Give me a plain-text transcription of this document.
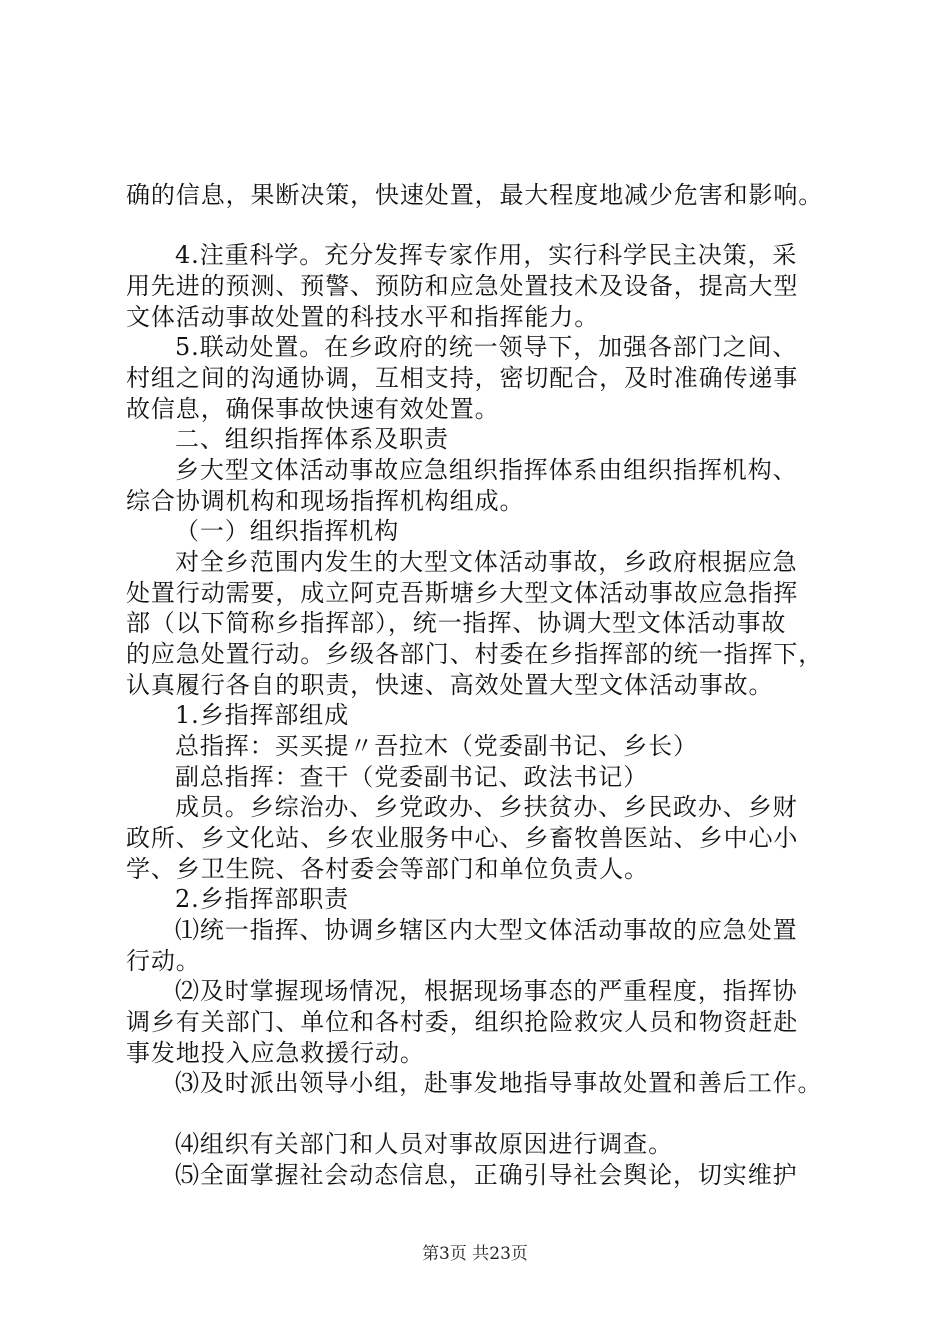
确的信息，果断决策，快速处置，最大程度地减少危害和影响。
4.注重科学。充分发挥专家作用，实行科学民主决策，采
用先进的预测、预警、预防和应急处置技术及设备，提高大型
文体活动事故处置的科技水平和指挥能力。
5.联动处置。在乡政府的统一领导下，加强各部门之间、
村组之间的沟通协调，互相支持，密切配合，及时准确传递事
故信息，确保事故快速有效处置。
二、组织指挥体系及职责
乡大型文体活动事故应急组织指挥体系由组织指挥机构、
综合协调机构和现场指挥机构组成。
（一）组织指挥机构
对全乡范围内发生的大型文体活动事故，乡政府根据应急
处置行动需要，成立阿克吾斯塘乡大型文体活动事故应急指挥
部（以下简称乡指挥部），统一指挥、协调大型文体活动事故
的应急处置行动。乡级各部门、村委在乡指挥部的统一指挥下，
认真履行各自的职责，快速、高效处置大型文体活动事故。
1.乡指挥部组成
总指挥：买买提〃吾拉木（党委副书记、乡长）
副总指挥：查干（党委副书记、政法书记）
成员。乡综治办、乡党政办、乡扶贫办、乡民政办、乡财
政所、乡文化站、乡农业服务中心、乡畜牧兽医站、乡中心小
学、乡卫生院、各村委会等部门和单位负责人。
2.乡指挥部职责
⑴统一指挥、协调乡辖区内大型文体活动事故的应急处置
行动。
⑵及时掌握现场情况，根据现场事态的严重程度，指挥协
调乡有关部门、单位和各村委，组织抢险救灾人员和物资赶赴
事发地投入应急救援行动。
⑶及时派出领导小组，赴事发地指导事故处置和善后工作。
⑷组织有关部门和人员对事故原因进行调查。
⑸全面掌握社会动态信息，正确引导社会舆论，切实维护
第3页 共23页
